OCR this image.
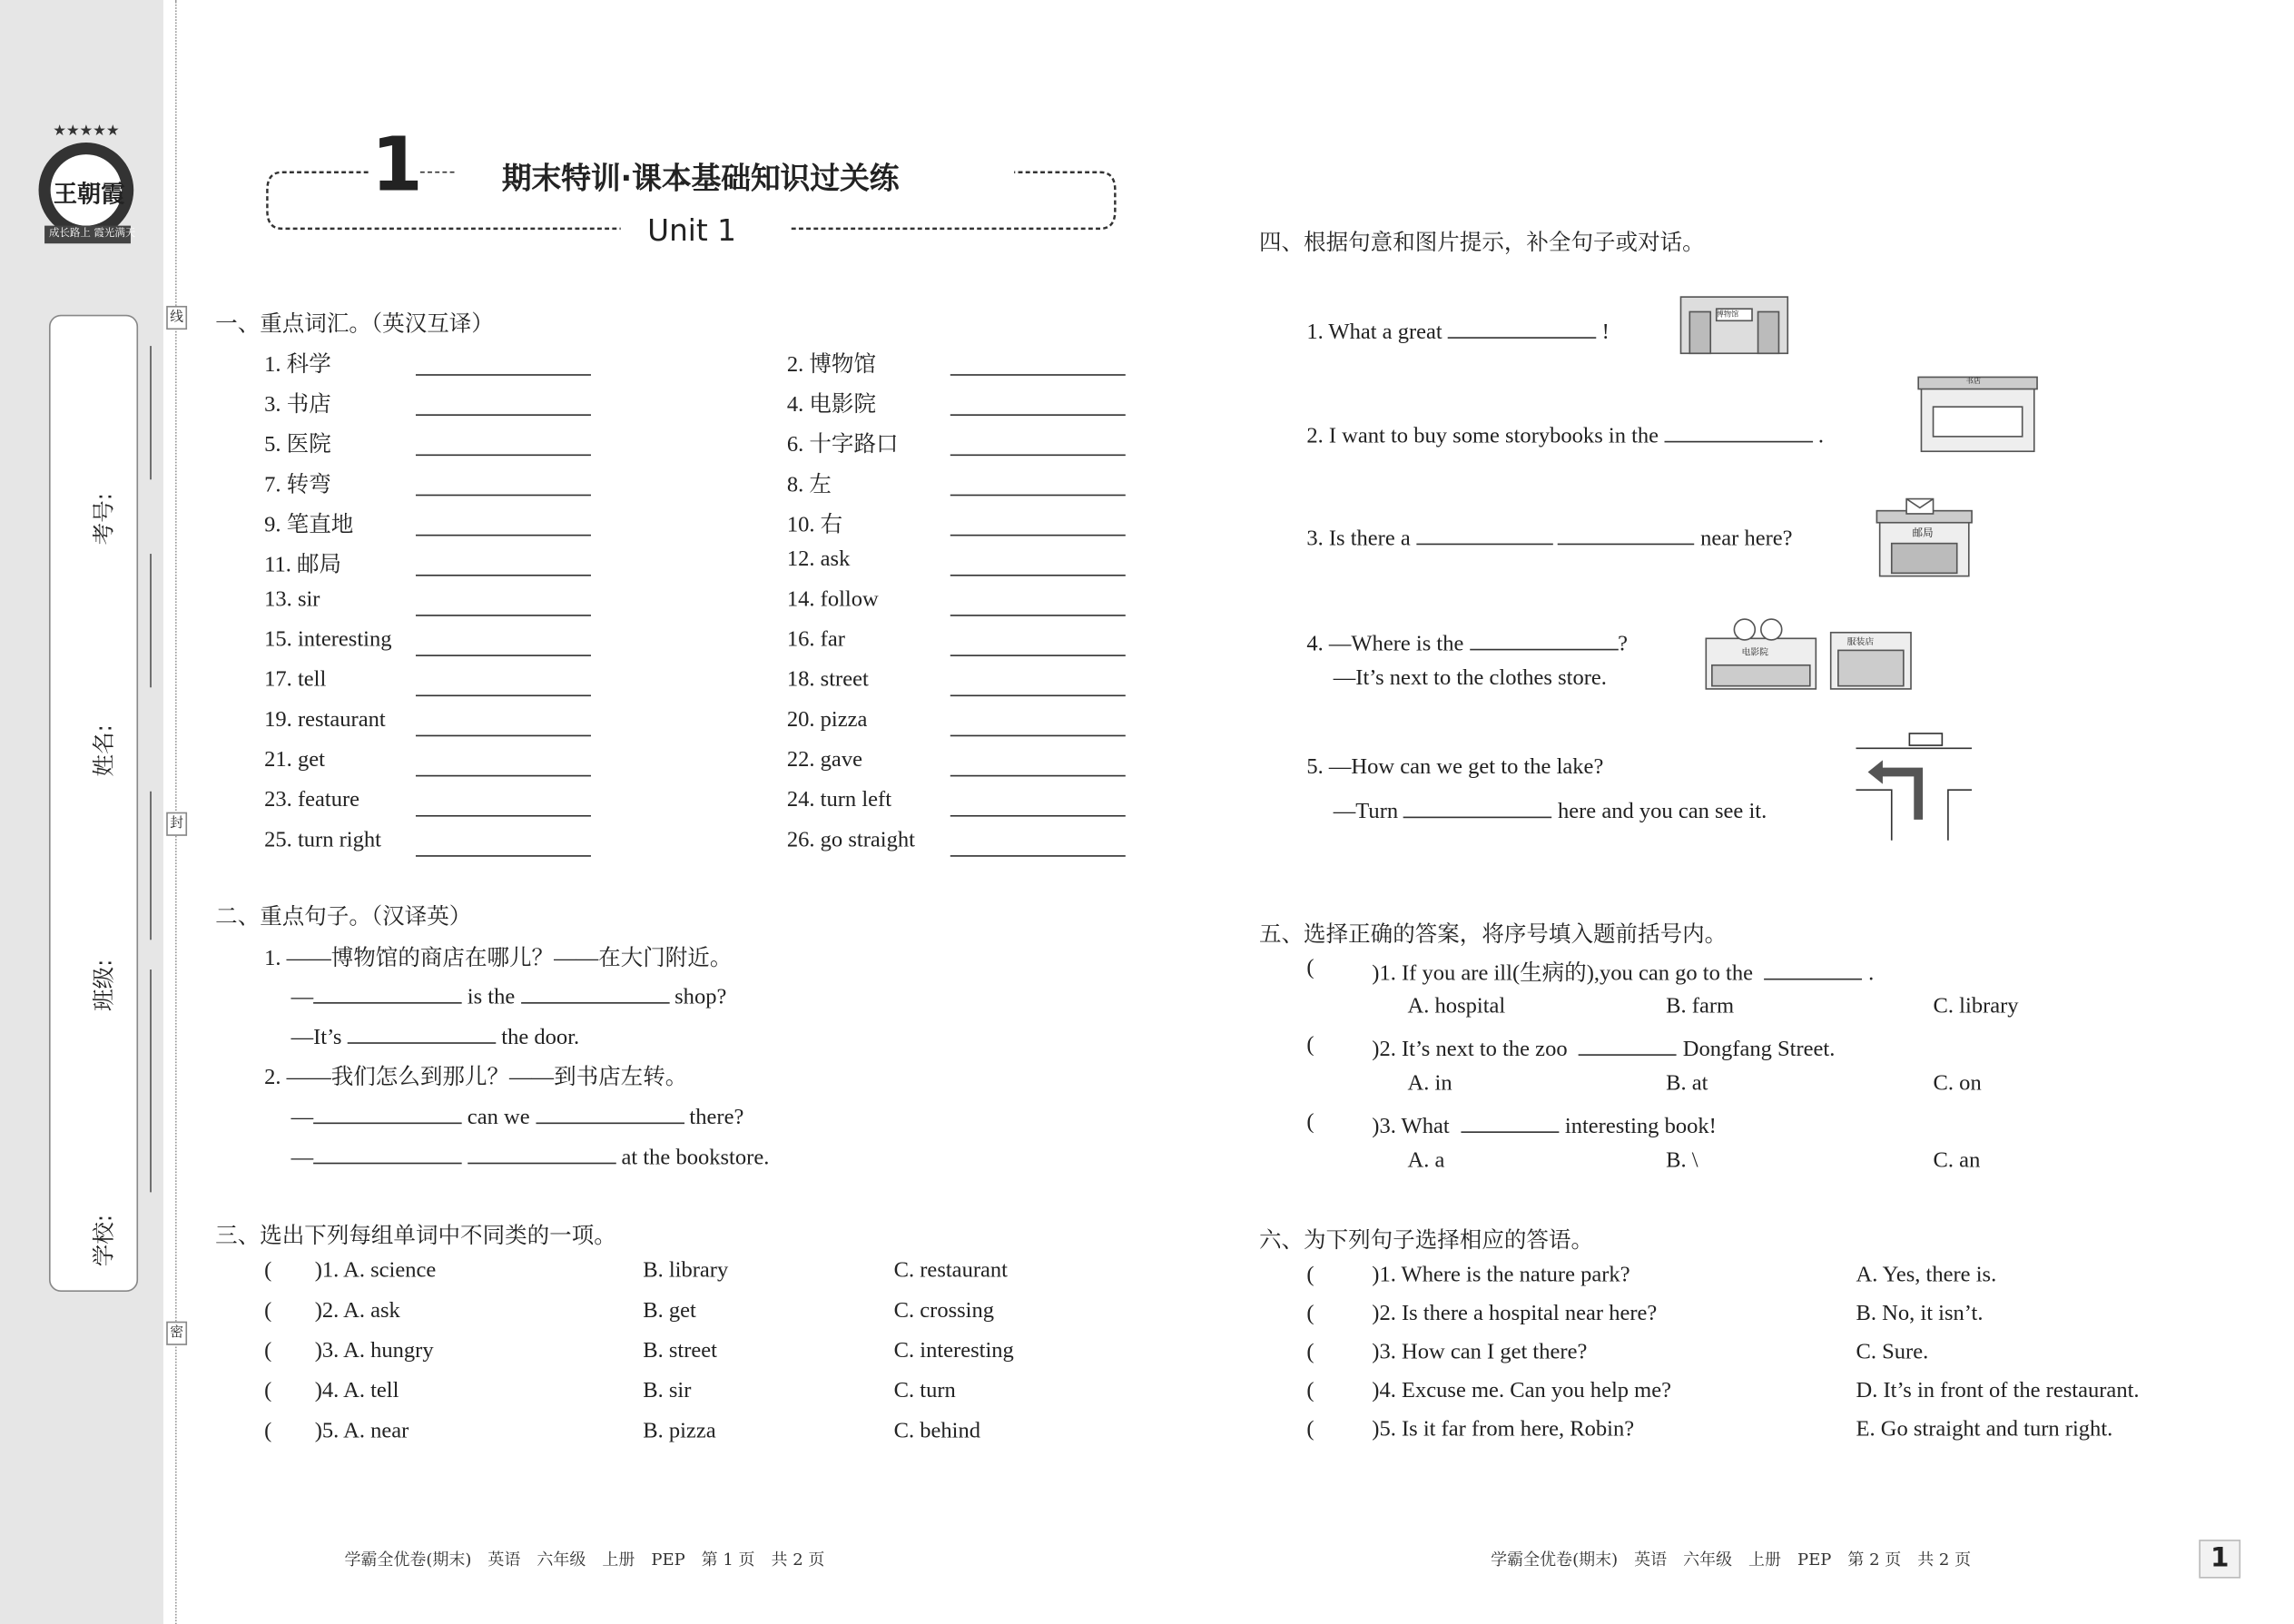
线
封
密
★★★★★
王朝霞
成长路上 霞光满天
学校:
班级:
姓名:
考号:
1	期末特训·课本基础知识过关练
Unit 1
一、重点词汇。（英汉互译）
1. 科学	2. 博物馆
3. 书店	4. 电影院
5. 医院	6. 十字路口
7. 转弯	8. 左
9. 笔直地	10. 右
11. 邮局	12. ask
13. sir	14. follow
15. interesting	16. far
17. tell	18. street
19. restaurant	20. pizza
21. get	22. gave
23. feature	24. turn left
25. turn right	26. go straight
二、重点句子。（汉译英）
1. ——博物馆的商店在哪儿？——在大门附近。
—	is the	shop?
—It’s	the door.
2. ——我们怎么到那儿？——到书店左转。
—	can we	there?
—	at the bookstore.
三、选出下列每组单词中不同类的一项。
(	)1. A. science	B. library	C. restaurant
(	)2. A. ask	B. get	C. crossing
(	)3. A. hungry	B. street	C. interesting
(	)4. A. tell	B. sir	C. turn
(	)5. A. near	B. pizza	C. behind
四、根据句意和图片提示，补全句子或对话。
1. What a great	!
2. I want to buy some storybooks in the	.
3. Is there a	near here?
4. —Where is the	?
—It’s next to the clothes store.
5. —How can we get to the lake?
—Turn	here and you can see it.
博物馆
书店
邮局
电影院
服装店
五、选择正确的答案，将序号填入题前括号内。
(	)1. If you are ill(生病的),you can go to the	.
A. hospital	B. farm	C. library
(	)2. It’s next to the zoo	Dongfang Street.
A. in	B. at	C. on
(	)3. What	interesting book!
A. a	B. \	C. an
六、为下列句子选择相应的答语。
(	)1. Where is the nature park?	A. Yes, there is.
(	)2. Is there a hospital near here?	B. No, it isn’t.
(	)3. How can I get there?	C. Sure.
(	)4. Excuse me. Can you help me?	D. It’s in front of the restaurant.
(	)5. Is it far from here, Robin?	E. Go straight and turn right.
学霸全优卷(期末)　英语　六年级　上册　PEP　第 1 页　共 2 页	学霸全优卷(期末)　英语　六年级　上册　PEP　第 2 页　共 2 页	1
